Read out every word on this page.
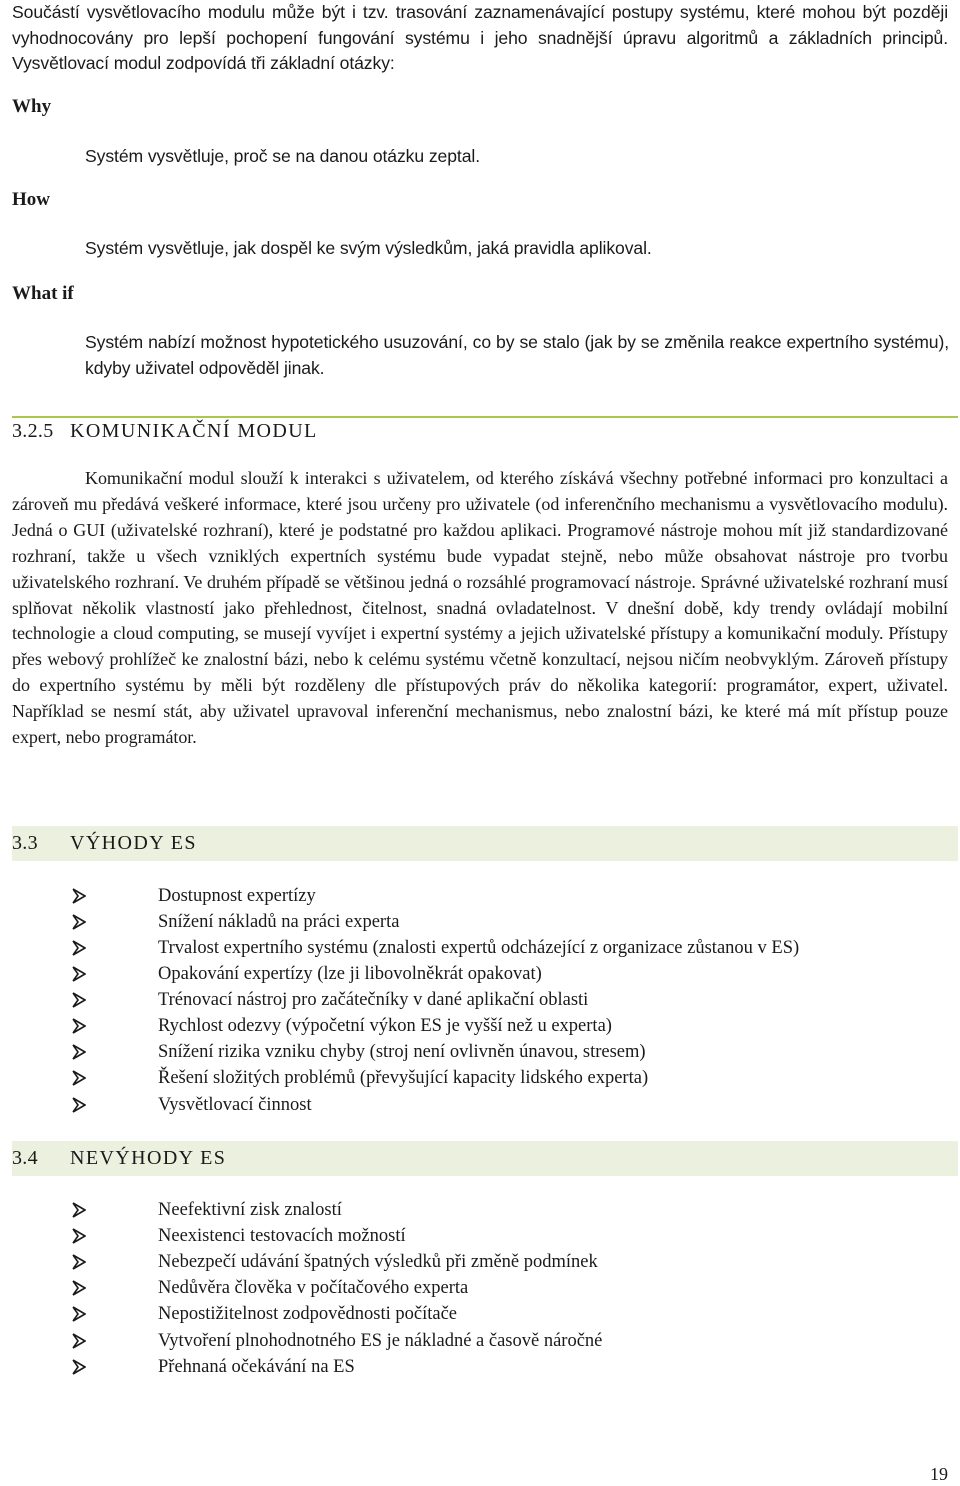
Součástí vysvětlovacího modulu může být i tzv. trasování zaznamenávající postupy systému, které mohou být později vyhodnocovány pro lepší pochopení fungování systému i jeho snadnější úpravu algoritmů a základních principů. Vysvětlovací modul zodpovídá tři základní otázky:
Why
Systém vysvětluje, proč se na danou otázku zeptal.
How
Systém vysvětluje, jak dospěl ke svým výsledkům, jaká pravidla aplikoval.
What if
Systém nabízí možnost hypotetického usuzování, co by se stalo (jak by se změnila reakce expertního systému), kdyby uživatel odpověděl jinak.
3.2.5 KOMUNIKAČNÍ MODUL
Komunikační modul slouží k interakci s uživatelem, od kterého získává všechny potřebné informaci pro konzultaci a zároveň mu předává veškeré informace, které jsou určeny pro uživatele (od inferenčního mechanismu a vysvětlovacího modulu). Jedná o GUI (uživatelské rozhraní), které je podstatné pro každou aplikaci. Programové nástroje mohou mít již standardizované rozhraní, takže u všech vzniklých expertních systému bude vypadat stejně, nebo může obsahovat nástroje pro tvorbu uživatelského rozhraní. Ve druhém případě se většinou jedná o rozsáhlé programovací nástroje. Správné uživatelské rozhraní musí splňovat několik vlastností jako přehlednost, čitelnost, snadná ovladatelnost. V dnešní době, kdy trendy ovládají mobilní technologie a cloud computing, se musejí vyvíjet i expertní systémy a jejich uživatelské přístupy a komunikační moduly. Přístupy přes webový prohlížeč ke znalostní bázi, nebo k celému systému včetně konzultací, nejsou ničím neobvyklým. Zároveň přístupy do expertního systému by měli být rozděleny dle přístupových práv do několika kategorií: programátor, expert, uživatel. Například se nesmí stát, aby uživatel upravoval inferenční mechanismus, nebo znalostní bázi, ke které má mít přístup pouze expert, nebo programátor.
3.3 VÝHODY ES
Dostupnost expertízy
Snížení nákladů na práci experta
Trvalost expertního systému (znalosti expertů odcházející z organizace zůstanou v ES)
Opakování expertízy (lze ji libovolněkrát opakovat)
Trénovací nástroj pro začátečníky v dané aplikační oblasti
Rychlost odezvy (výpočetní výkon ES je vyšší než u experta)
Snížení rizika vzniku chyby (stroj není ovlivněn únavou, stresem)
Řešení složitých problémů (převyšující kapacity lidského experta)
Vysvětlovací činnost
3.4 NEVÝHODY ES
Neefektivní zisk znalostí
Neexistenci testovacích možností
Nebezpečí udávání špatných výsledků při změně podmínek
Nedůvěra člověka v počítačového experta
Nepostižitelnost zodpovědnosti počítače
Vytvoření plnohodnotného ES je nákladné a časově náročné
Přehnaná očekávání na ES
19
